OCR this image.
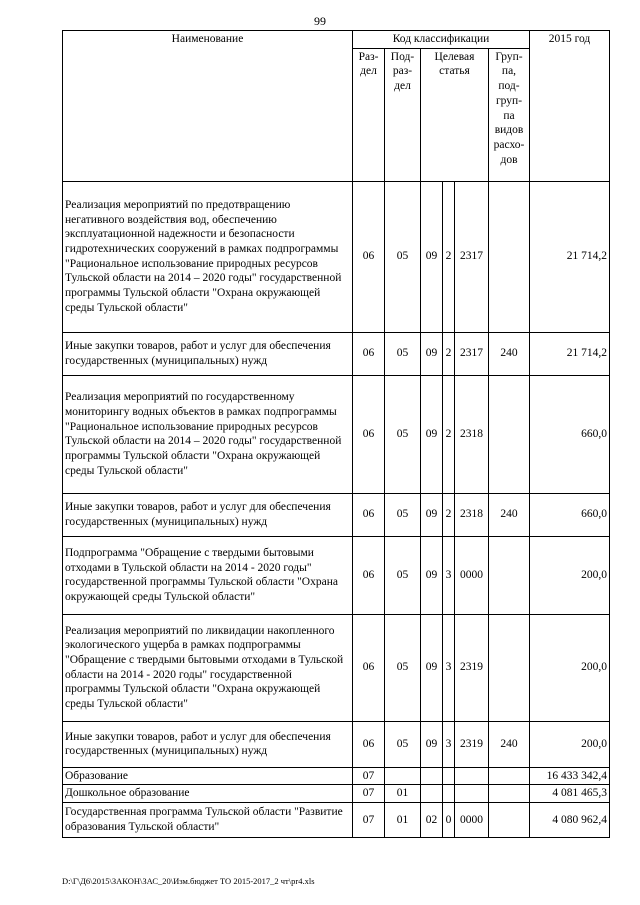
99
Наименование	Код классификации						2015 год
	Раз- дел	Под- раз- дел	Целевая статья			Груп- па, под- груп- па видов расхо- дов	
Реализация мероприятий по предотвращению негативного воздействия вод, обеспечению эксплуатационной надежности и безопасности гидротехнических сооружений в рамках подпрограммы "Рациональное использование природных ресурсов Тульской области на 2014 – 2020 годы" государственной программы Тульской области "Охрана окружающей среды Тульской области"	06	05	09	2	2317		21 714,2
Иные закупки товаров, работ и услуг для обеспечения государственных (муниципальных) нужд	06	05	09	2	2317	240	21 714,2
Реализация мероприятий по государственному мониторингу водных объектов в рамках подпрограммы "Рациональное использование природных ресурсов Тульской области на 2014 – 2020 годы" государственной программы Тульской области "Охрана окружающей среды Тульской области"	06	05	09	2	2318		660,0
Иные закупки товаров, работ и услуг для обеспечения государственных (муниципальных) нужд	06	05	09	2	2318	240	660,0
Подпрограмма "Обращение с твердыми бытовыми отходами в Тульской области на 2014 - 2020 годы" государственной программы Тульской области "Охрана окружающей среды Тульской области"	06	05	09	3	0000		200,0
Реализация мероприятий по ликвидации накопленного экологического ущерба в рамках подпрограммы "Обращение с твердыми бытовыми отходами в Тульской области на 2014 - 2020 годы" государственной программы Тульской области "Охрана окружающей среды Тульской области"	06	05	09	3	2319		200,0
Иные закупки товаров, работ и услуг для обеспечения государственных (муниципальных) нужд	06	05	09	3	2319	240	200,0
Образование	07						16 433 342,4
Дошкольное образование	07	01					4 081 465,3
Государственная программа Тульской области "Развитие образования Тульской области"	07	01	02	0	0000		4 080 962,4
D:\Г\Д6\2015\ЗАКОН\ЗАС_20\Изм.бюджет ТО 2015-2017_2 чт\pr4.xls
